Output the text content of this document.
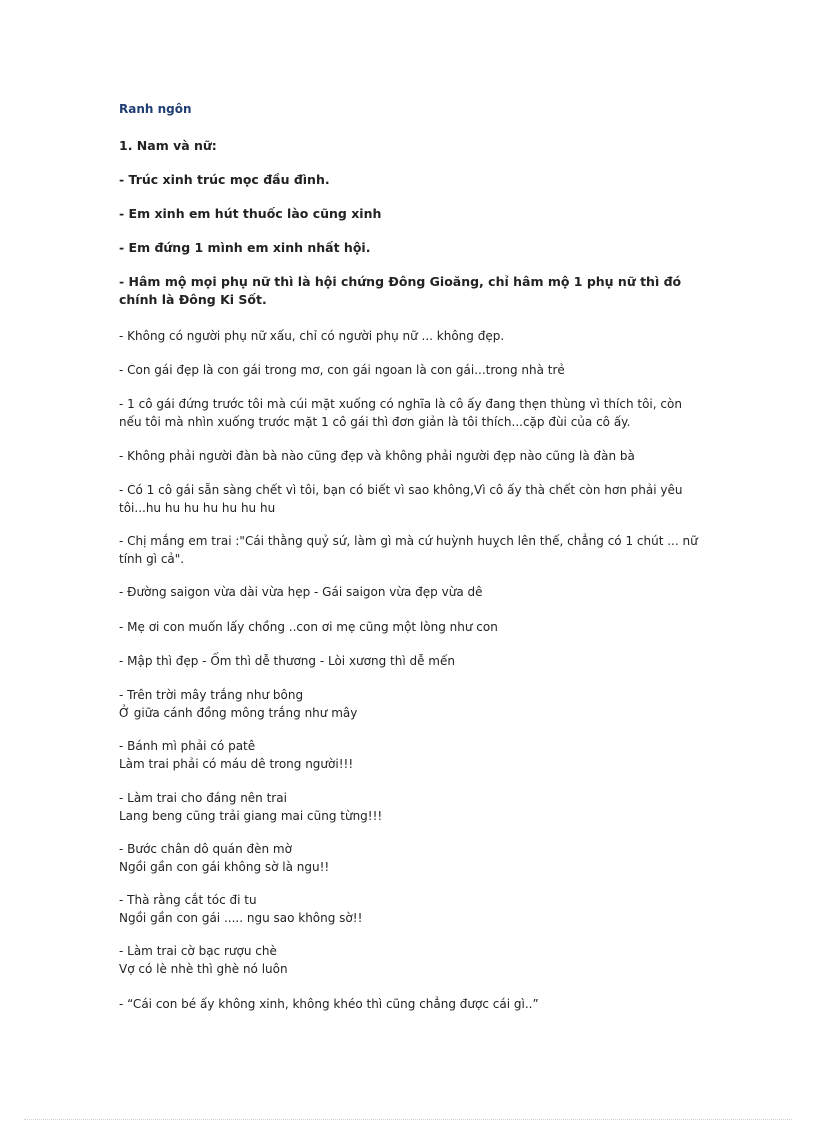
Ranh ngôn
1. Nam và nữ:
- Trúc xinh trúc mọc đầu đình.
- Em xinh em hút thuốc lào cũng xinh
- Em đứng 1 mình em xinh nhất hội.
- Hâm mộ mọi phụ nữ thì là hội chứng Đông Gioăng, chỉ hâm mộ 1 phụ nữ thì đó
chính là Đông Ki Sốt.
- Không có người phụ nữ xấu, chỉ có người phụ nữ ... không đẹp.
- Con gái đẹp là con gái trong mơ, con gái ngoan là con gái...trong nhà trẻ
- 1 cô gái đứng trước tôi mà cúi mặt xuống có nghĩa là cô ấy đang thẹn thùng vì thích tôi, còn
nếu tôi mà nhìn xuống trước mặt 1 cô gái thì đơn giản là tôi thích...cặp đùi của cô ấy.
- Không phải người đàn bà nào cũng đẹp và không phải người đẹp nào cũng là đàn bà
- Có 1 cô gái sẵn sàng chết vì tôi, bạn có biết vì sao không,Vì cô ấy thà chết còn hơn phải yêu
tôi...hu hu hu hu hu hu hu
- Chị mắng em trai :"Cái thằng quỷ sứ, làm gì mà cứ huỳnh huỵch lên thế, chẳng có 1 chút ... nữ
tính gì cả".
- Đường saigon vừa dài vừa hẹp - Gái saigon vừa đẹp vừa dê
- Mẹ ơi con muốn lấy chồng ..con ơi mẹ cũng một lòng như con
- Mập thì đẹp - Ốm thì dễ thương - Lòi xương thì dễ mến
- Trên trời mây trắng như bông
Ở giữa cánh đồng mông trắng như mây
- Bánh mì phải có patê
Làm trai phải có máu dê trong người!!!
- Làm trai cho đáng nên trai
Lang beng cũng trải giang mai cũng từng!!!
- Bước chân dô quán đèn mờ
Ngồi gần con gái không sờ là ngu!!
- Thà rằng cắt tóc đi tu
Ngồi gần con gái ..... ngu sao không sờ!!
- Làm trai cờ bạc rượu chè
Vợ có lè nhè thì ghè nó luôn
- “Cái con bé ấy không xinh, không khéo thì cũng chẳng được cái gì..”
